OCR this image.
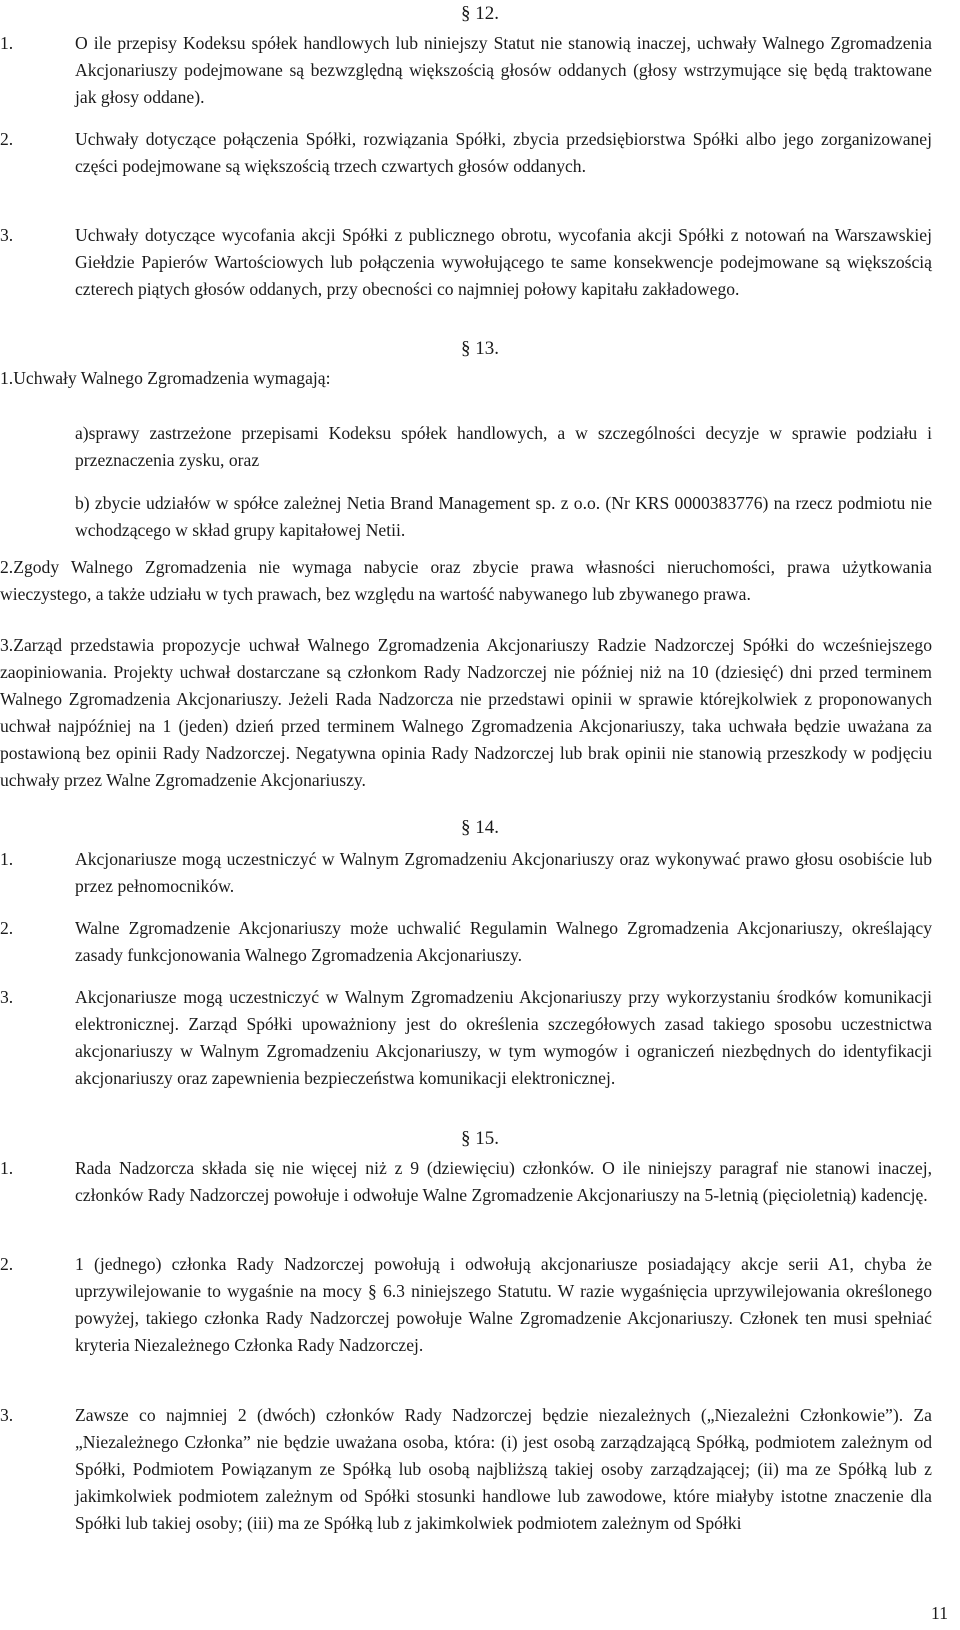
§ 12.
1.	O ile przepisy Kodeksu spółek handlowych lub niniejszy Statut nie stanowią inaczej, uchwały Walnego Zgromadzenia Akcjonariuszy podejmowane są bezwzględną większością głosów oddanych (głosy wstrzymujące się będą traktowane jak głosy oddane).
2.	Uchwały dotyczące połączenia Spółki, rozwiązania Spółki, zbycia przedsiębiorstwa Spółki albo jego zorganizowanej części podejmowane są większością trzech czwartych głosów oddanych.
3.	Uchwały dotyczące wycofania akcji Spółki z publicznego obrotu, wycofania akcji Spółki z notowań na Warszawskiej Giełdzie Papierów Wartościowych lub połączenia wywołującego te same konsekwencje podejmowane są większością czterech piątych głosów oddanych, przy obecności co najmniej połowy kapitału zakładowego.
§ 13.
1.Uchwały Walnego Zgromadzenia wymagają:
a)sprawy zastrzeżone przepisami Kodeksu spółek handlowych, a w szczególności decyzje w sprawie podziału i przeznaczenia zysku, oraz
b) zbycie udziałów w spółce zależnej Netia Brand Management sp. z o.o. (Nr KRS 0000383776) na rzecz podmiotu nie wchodzącego w skład grupy kapitałowej Netii.
2.Zgody Walnego Zgromadzenia nie wymaga nabycie oraz zbycie prawa własności nieruchomości, prawa użytkowania wieczystego, a także udziału w tych prawach, bez względu na wartość nabywanego lub zbywanego prawa.
3.Zarząd przedstawia propozycje uchwał Walnego Zgromadzenia Akcjonariuszy Radzie Nadzorczej Spółki do wcześniejszego zaopiniowania. Projekty uchwał dostarczane są członkom Rady Nadzorczej nie później niż na 10 (dziesięć) dni przed terminem Walnego Zgromadzenia Akcjonariuszy. Jeżeli Rada Nadzorcza nie przedstawi opinii w sprawie którejkolwiek z proponowanych uchwał najpóźniej na 1 (jeden) dzień przed terminem Walnego Zgromadzenia Akcjonariuszy, taka uchwała będzie uważana za postawioną bez opinii Rady Nadzorczej. Negatywna opinia Rady Nadzorczej lub brak opinii nie stanowią przeszkody w podjęciu uchwały przez Walne Zgromadzenie Akcjonariuszy.
§ 14.
1.	Akcjonariusze mogą uczestniczyć w Walnym Zgromadzeniu Akcjonariuszy oraz wykonywać prawo głosu osobiście lub przez pełnomocników.
2.	Walne Zgromadzenie Akcjonariuszy może uchwalić Regulamin Walnego Zgromadzenia Akcjonariuszy, określający zasady funkcjonowania Walnego Zgromadzenia Akcjonariuszy.
3.	Akcjonariusze mogą uczestniczyć w Walnym Zgromadzeniu Akcjonariuszy przy wykorzystaniu środków komunikacji elektronicznej. Zarząd Spółki upoważniony jest do określenia szczegółowych zasad takiego sposobu uczestnictwa akcjonariuszy w Walnym Zgromadzeniu Akcjonariuszy, w tym wymogów i ograniczeń niezbędnych do identyfikacji akcjonariuszy oraz zapewnienia bezpieczeństwa komunikacji elektronicznej.
§ 15.
1.	Rada Nadzorcza składa się nie więcej niż z 9 (dziewięciu) członków. O ile niniejszy paragraf nie stanowi inaczej, członków Rady Nadzorczej powołuje i odwołuje Walne Zgromadzenie Akcjonariuszy na 5-letnią (pięcioletnią) kadencję.
2.	1 (jednego) członka Rady Nadzorczej powołują i odwołują akcjonariusze posiadający akcje serii A1, chyba że uprzywilejowanie to wygaśnie na mocy § 6.3 niniejszego Statutu. W razie wygaśnięcia uprzywilejowania określonego powyżej, takiego członka Rady Nadzorczej powołuje Walne Zgromadzenie Akcjonariuszy. Członek ten musi spełniać kryteria Niezależnego Członka Rady Nadzorczej.
3.	Zawsze co najmniej 2 (dwóch) członków Rady Nadzorczej będzie niezależnych („Niezależni Członkowie”). Za „Niezależnego Członka” nie będzie uważana osoba, która: (i) jest osobą zarządzającą Spółką, podmiotem zależnym od Spółki, Podmiotem Powiązanym ze Spółką lub osobą najbliższą takiej osoby zarządzającej; (ii) ma ze Spółką lub z jakimkolwiek podmiotem zależnym od Spółki stosunki handlowe lub zawodowe, które miałyby istotne znaczenie dla Spółki lub takiej osoby; (iii) ma ze Spółką lub z jakimkolwiek podmiotem zależnym od Spółki
11
